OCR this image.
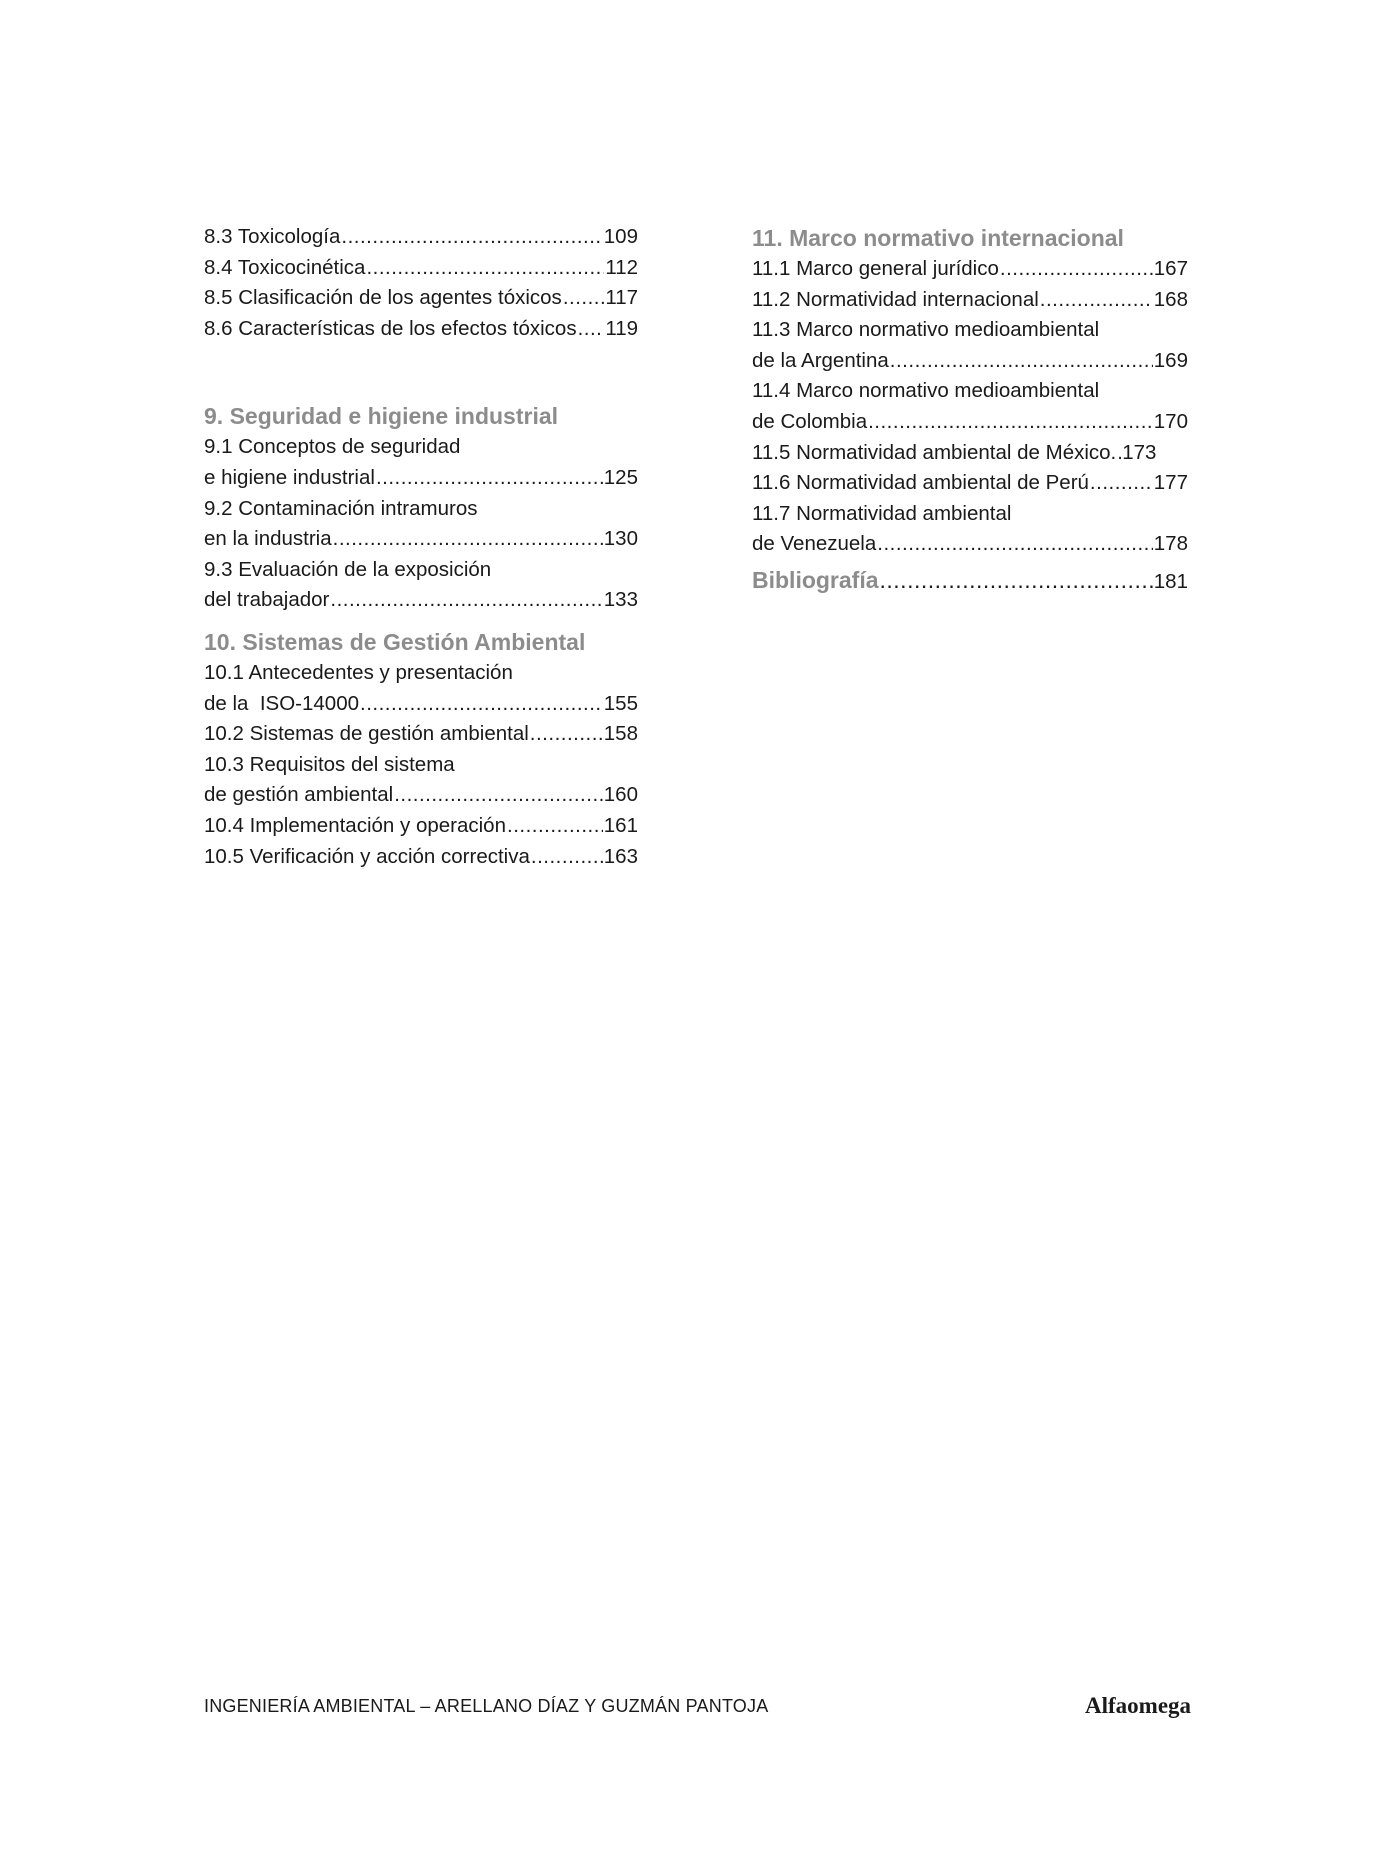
8.3 Toxicología .....	109
8.4 Toxicocinética .....	112
8.5 Clasificación de los agentes tóxicos ..... 117
8.6 Características de los efectos tóxicos ..... 119
9. Seguridad e higiene industrial
9.1 Conceptos de seguridad
e higiene industrial .....	125
9.2 Contaminación intramuros
en la industria .....	130
9.3 Evaluación de la exposición
del trabajador .....	133
10. Sistemas de Gestión Ambiental
10.1 Antecedentes y presentación
de la  ISO-14000 .....	155
10.2 Sistemas de gestión ambiental .....	158
10.3 Requisitos del sistema
de gestión ambiental .....	160
10.4 Implementación y operación .....	161
10.5 Verificación y acción correctiva .....	163
11. Marco normativo internacional
11.1 Marco general jurídico .....	167
11.2 Normatividad internacional .....	168
11.3 Marco normativo medioambiental
de la Argentina .....	169
11.4 Marco normativo medioambiental
de Colombia .....	170
11.5 Normatividad ambiental de México. ..... 173
11.6 Normatividad ambiental de Perú .....	177
11.7 Normatividad ambiental
de Venezuela .....	178
Bibliografía .....	181
INGENIERÍA AMBIENTAL – ARELLANO DÍAZ Y GUZMÁN PANTOJA	Alfaomega
